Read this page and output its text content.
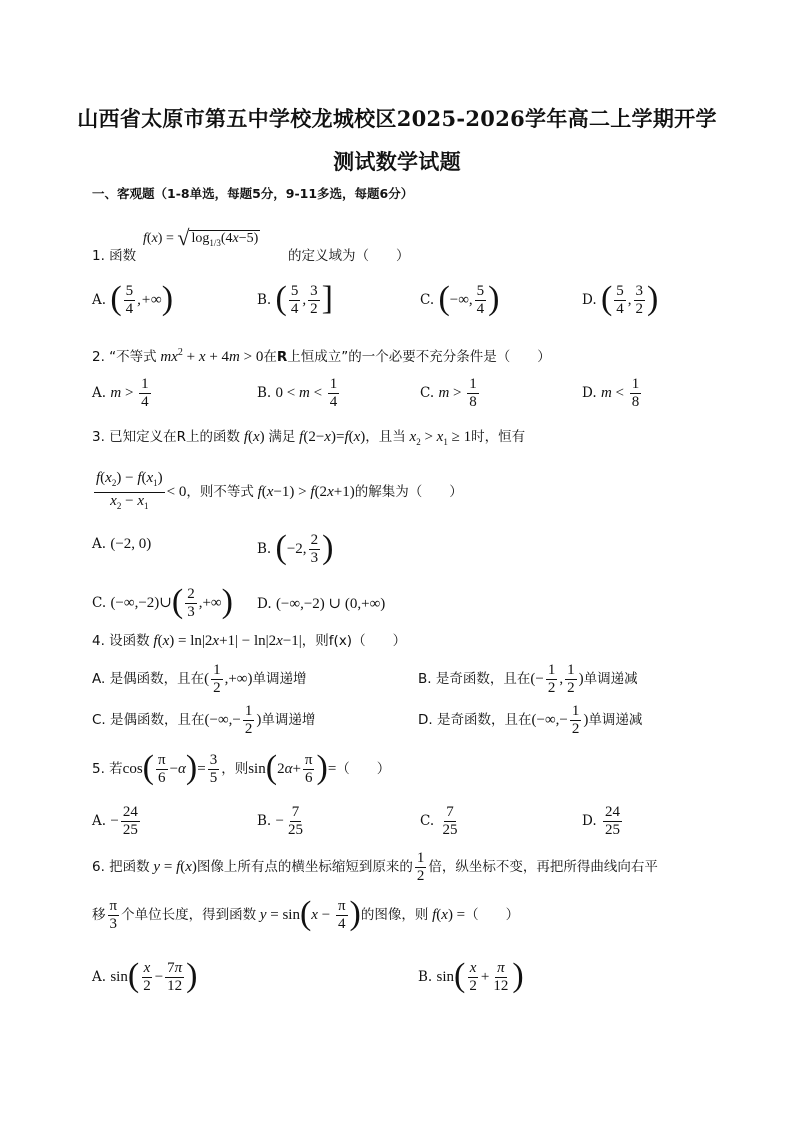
山西省太原市第五中学校龙城校区2025-2026学年高二上学期开学
测试数学试题
一、客观题（1-8单选，每题5分，9-11多选，每题6分）
f(x) = √ $\log_{1/3}(4x-5)$
1. 函数	的定义域为（　　）
A. ( $\frac{5}{4}$ ,+∞)	B. ( $\frac{5}{4}$ , $\frac{3}{2}$ ]	C. (−∞, $\frac{5}{4}$ )	D. ( $\frac{5}{4}$ , $\frac{3}{2}$ )
2. “不等式 $mx^2 + x + 4m > 0$在R上恒成立”的一个必要不充分条件是（　　）
A. $m > \frac{1}{4}$	B. $0 < m < \frac{1}{4}$	C. $m > \frac{1}{8}$	D. $m < \frac{1}{8}$
3. 已知定义在R上的函数 f(x) 满足 f(2−x)=f(x)，且当 $x_2 > x_1 \ge 1$时，恒有
$\frac{f(x_2) - f(x_1)}{x_2 - x_1} < 0$，则不等式 f(x−1) > f(2x+1)的解集为（　　）
A. (−2, 0)	B. (−2, $\frac{2}{3}$ )
C. (−∞,−2)∪( $\frac{2}{3}$ ,+∞) D. (−∞,−2) ∪ (0,+∞)
4. 设函数 f(x) = ln|2x+1| − ln|2x−1|，则f(x)（　　）
A. 是偶函数，且在( $\frac{1}{2}$ ,+∞)单调递增	B. 是奇函数，且在(− $\frac{1}{2}$ , $\frac{1}{2}$ )单调递减
C. 是偶函数，且在(−∞,− $\frac{1}{2}$ )单调递增	D. 是奇函数，且在(−∞,− $\frac{1}{2}$ )单调递减
5. 若$\cos( \frac{\pi}{6} -\alpha)= \frac{3}{5}$ ，则$\sin(2\alpha+ \frac{\pi}{6}$ )=（　　）
A. − $\frac{24}{25}$	B. − $\frac{7}{25}$	C. $\frac{7}{25}$	D. $\frac{24}{25}$
6. 把函数 y = f(x)图像上所有点的横坐标缩短到原来的 $\frac{1}{2}$ 倍，纵坐标不变，再把所得曲线向右平
移 $\frac{\pi}{3}$ 个单位长度，得到函数 $y = \sin(x - \frac{\pi}{4}$ )的图像，则 f(x) =（　　）
A. $\sin( \frac{x}{2} - \frac{7\pi}{12}$ )	B. $\sin( \frac{x}{2} + \frac{\pi}{12}$ )
